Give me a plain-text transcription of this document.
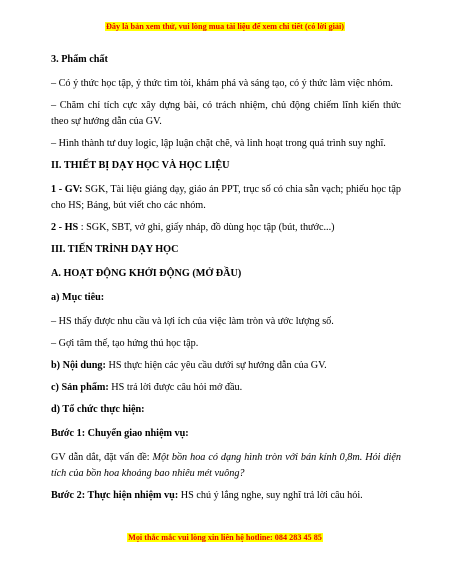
Đây là bản xem thử, vui lòng mua tài liệu để xem chi tiết (có lời giải)

3. Phẩm chất

– Có ý thức học tập, ý thức tìm tòi, khám phá và sáng tạo, có ý thức làm việc nhóm.

– Chăm chỉ tích cực xây dựng bài, có trách nhiệm, chủ động chiếm lĩnh kiến thức theo sự hướng dẫn của GV.

– Hình thành tư duy logic, lập luận chặt chẽ, và linh hoạt trong quá trình suy nghĩ.

II. THIẾT BỊ DẠY HỌC VÀ HỌC LIỆU

1 - GV: SGK, Tài liệu giảng dạy, giáo án PPT, trục số có chia sẵn vạch; phiếu học tập cho HS; Bảng, bút viết cho các nhóm.

2 - HS : SGK, SBT, vở ghi, giấy nháp, đồ dùng học tập (bút, thước...)

III. TIẾN TRÌNH DẠY HỌC

A. HOẠT ĐỘNG KHỞI ĐỘNG (MỞ ĐẦU)

a) Mục tiêu:

– HS thấy được nhu cầu và lợi ích của việc làm tròn và ước lượng số.

– Gợi tâm thế, tạo hứng thú học tập.

b) Nội dung: HS thực hiện các yêu cầu dưới sự hướng dẫn của GV.

c) Sản phẩm: HS trả lời được câu hỏi mở đầu.

d) Tổ chức thực hiện:

Bước 1: Chuyển giao nhiệm vụ:

GV dẫn dắt, đặt vấn đề: Một bồn hoa có dạng hình tròn với bán kính 0,8m. Hỏi diện tích của bồn hoa khoảng bao nhiêu mét vuông?

Bước 2: Thực hiện nhiệm vụ: HS chú ý lắng nghe, suy nghĩ trả lời câu hỏi.

Mọi thắc mắc vui lòng xin liên hệ hotline: 084 283 45 85
